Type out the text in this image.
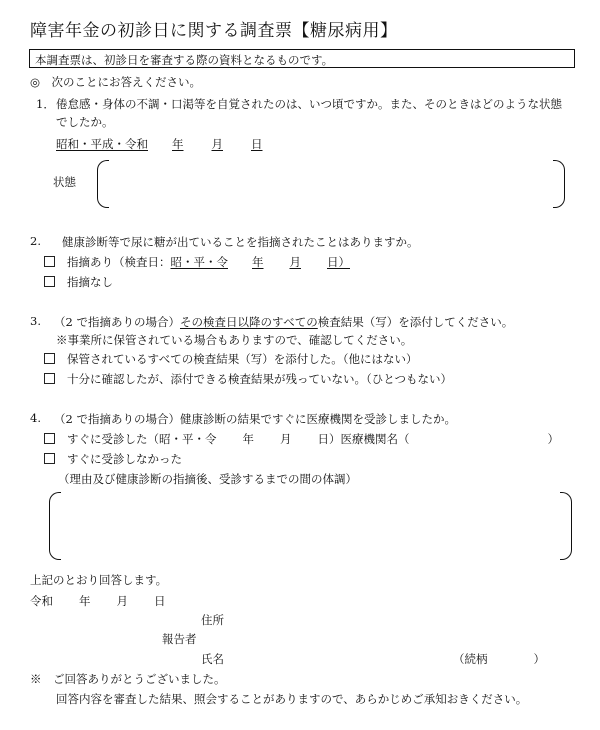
障害年金の初診日に関する調査票【糖尿病用】
本調査票は、初診日を審査する際の資料となるものです。
◎　次のことにお答えください。
1． 倦怠感・身体の不調・口渇等を自覚されたのは、いつ頃ですか。また、そのときはどのような状態
でしたか。
昭和・平成・令和 年 月 日
状態
2. 健康診断等で尿に糖が出ていることを指摘されたことはありますか。
指摘あり（検査日：昭・平・令 年 月 日）
指摘なし
3. （2 で指摘ありの場合）その検査日以降のすべての検査結果（写）を添付してください。
※事業所に保管されている場合もありますので、確認してください。
保管されているすべての検査結果（写）を添付した。（他にはない）
十分に確認したが、添付できる検査結果が残っていない。（ひとつもない）
4. （2 で指摘ありの場合）健康診断の結果ですぐに医療機関を受診しましたか。
すぐに受診した（昭・平・令 年 月 日）医療機関名（	）
すぐに受診しなかった
（理由及び健康診断の指摘後、受診するまでの間の体調）
上記のとおり回答します。
令和 年 月 日
住所
報告者
氏名	（続柄	）
※　ご回答ありがとうございました。
回答内容を審査した結果、照会することがありますので、あらかじめご承知おきください。
